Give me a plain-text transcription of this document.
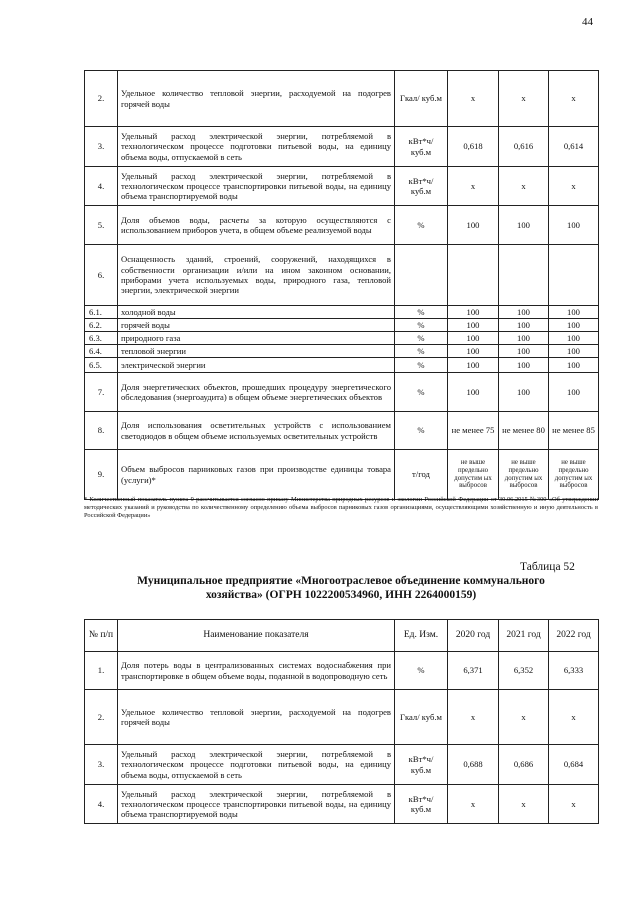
44
2.	Удельное количество тепловой энергии, расходуемой на подогрев горячей воды	Гкал/ куб.м	х	х	х
3.	Удельный расход электрической энергии, потребляемой в технологическом процессе подготовки питьевой воды, на единицу объема воды, отпускаемой в сеть	кВт*ч/ куб.м	0,618	0,616	0,614
4.	Удельный расход электрической энергии, потребляемой в технологическом процессе транспортировки питьевой воды, на единицу объема транспортируемой воды	кВт*ч/ куб.м	х	х	х
5.	Доля объемов воды, расчеты за которую осуществляются с использованием приборов учета, в общем объеме реализуемой воды	%	100	100	100
6.	Оснащенность зданий, строений, сооружений, находящихся в собственности организации и/или на ином законном основании, приборами учета используемых воды, природного газа, тепловой энергии, электрической энергии				
6.1.	холодной воды	%	100	100	100
6.2.	горячей воды	%	100	100	100
6.3.	природного газа	%	100	100	100
6.4.	тепловой энергии	%	100	100	100
6.5.	электрической энергии	%	100	100	100
7.	Доля энергетических объектов, прошедших процедуру энергетического обследования (энергоаудита) в общем объеме энергетических объектов	%	100	100	100
8.	Доля использования осветительных устройств с использованием светодиодов в общем объеме используемых осветительных устройств	%	не менее 75	не менее 80	не менее 85
9.	Объем выбросов парниковых газов при производстве единицы товара (услуги)*	т/год	не выше предельно допустим ых выбросов	не выше предельно допустим ых выбросов	не выше предельно допустим ых выбросов
* Количественный показатель пункта 9 рассчитывается согласно приказу Министерства природных ресурсов и экологии Российской Федерации от 30.06.2015 №300 «Об утверждении методических указаний и руководства по количественному определению объема выбросов парниковых газов организациями, осуществляющими хозяйственную и иную деятельность в Российской Федерации»
Таблица 52
Муниципальное предприятие «Многоотраслевое объединение коммунального
хозяйства» (ОГРН 1022200534960, ИНН 2264000159)
№ п/п	Наименование показателя	Ед. Изм.	2020 год	2021 год	2022 год
1.	Доля потерь воды в централизованных системах водоснабжения при транспортировке в общем объеме воды, поданной в водопроводную сеть	%	6,371	6,352	6,333
2.	Удельное количество тепловой энергии, расходуемой на подогрев горячей воды	Гкал/ куб.м	х	х	х
3.	Удельный расход электрической энергии, потребляемой в технологическом процессе подготовки питьевой воды, на единицу объема воды, отпускаемой в сеть	кВт*ч/ куб.м	0,688	0,686	0,684
4.	Удельный расход электрической энергии, потребляемой в технологическом процессе транспортировки питьевой воды, на единицу объема транспортируемой воды	кВт*ч/ куб.м	х	х	х
